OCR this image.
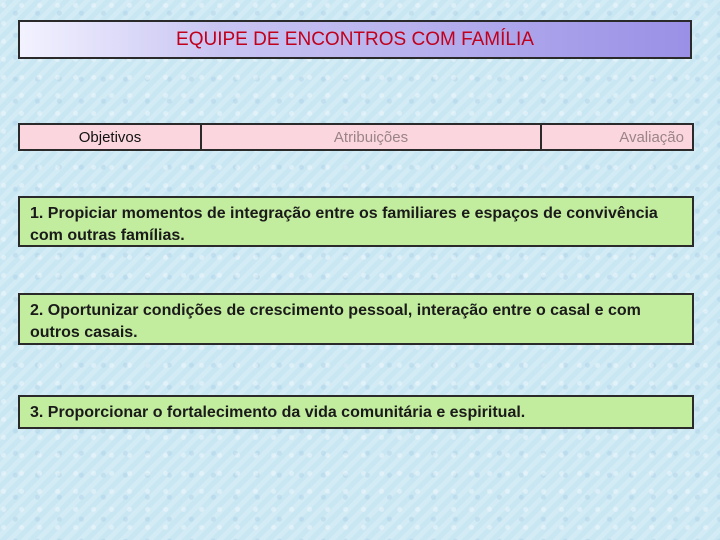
EQUIPE DE ENCONTROS COM FAMÍLIA
Objetivos	Atribuições	Avaliação
1. Propiciar momentos de integração entre os familiares e espaços de convivência com outras famílias.
2. Oportunizar condições de crescimento pessoal, interação entre o casal e com outros casais.
3. Proporcionar o fortalecimento da vida comunitária e espiritual.
